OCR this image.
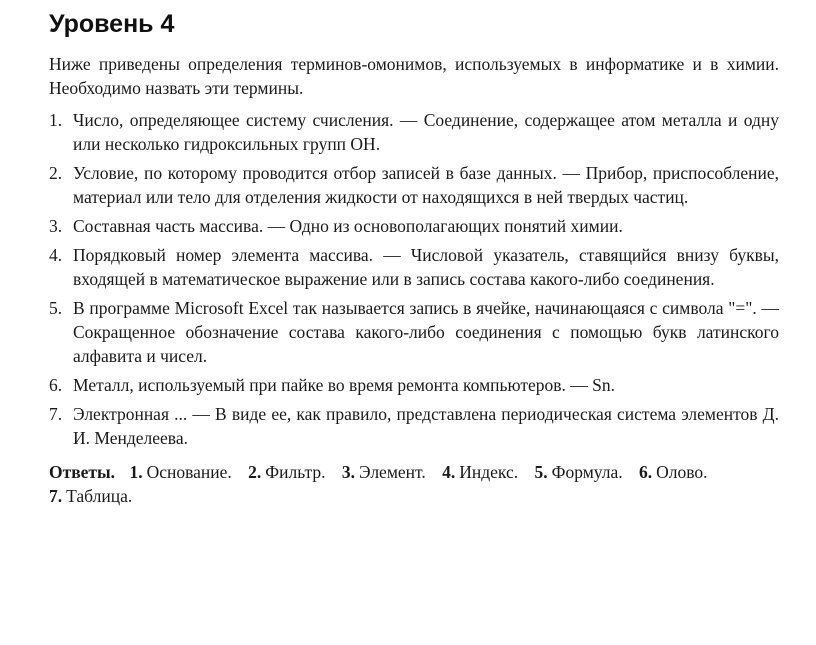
Уровень 4

Ниже приведены определения терминов-омонимов, используемых в информатике и в химии. Необходимо назвать эти термины.

1. Число, определяющее систему счисления. — Соединение, содержащее атом металла и одну или несколько гидроксильных групп ОН.
2. Условие, по которому проводится отбор записей в базе данных. — Прибор, приспособление, материал или тело для отделения жидкости от находящихся в ней твердых частиц.
3. Составная часть массива. — Одно из основополагающих понятий химии.
4. Порядковый номер элемента массива. — Числовой указатель, ставящийся внизу буквы, входящей в математическое выражение или в запись состава какого-либо соединения.
5. В программе Microsoft Excel так называется запись в ячейке, начинающаяся с символа "=". — Сокращенное обозначение состава какого-либо соединения с помощью букв латинского алфавита и чисел.
6. Металл, используемый при пайке во время ремонта компьютеров. — Sn.
7. Электронная ... — В виде ее, как правило, представлена периодическая система элементов Д. И. Менделеева.
Ответы. 1. Основание. 2. Фильтр. 3. Элемент. 4. Индекс. 5. Формула. 6. Олово. 7. Таблица.
